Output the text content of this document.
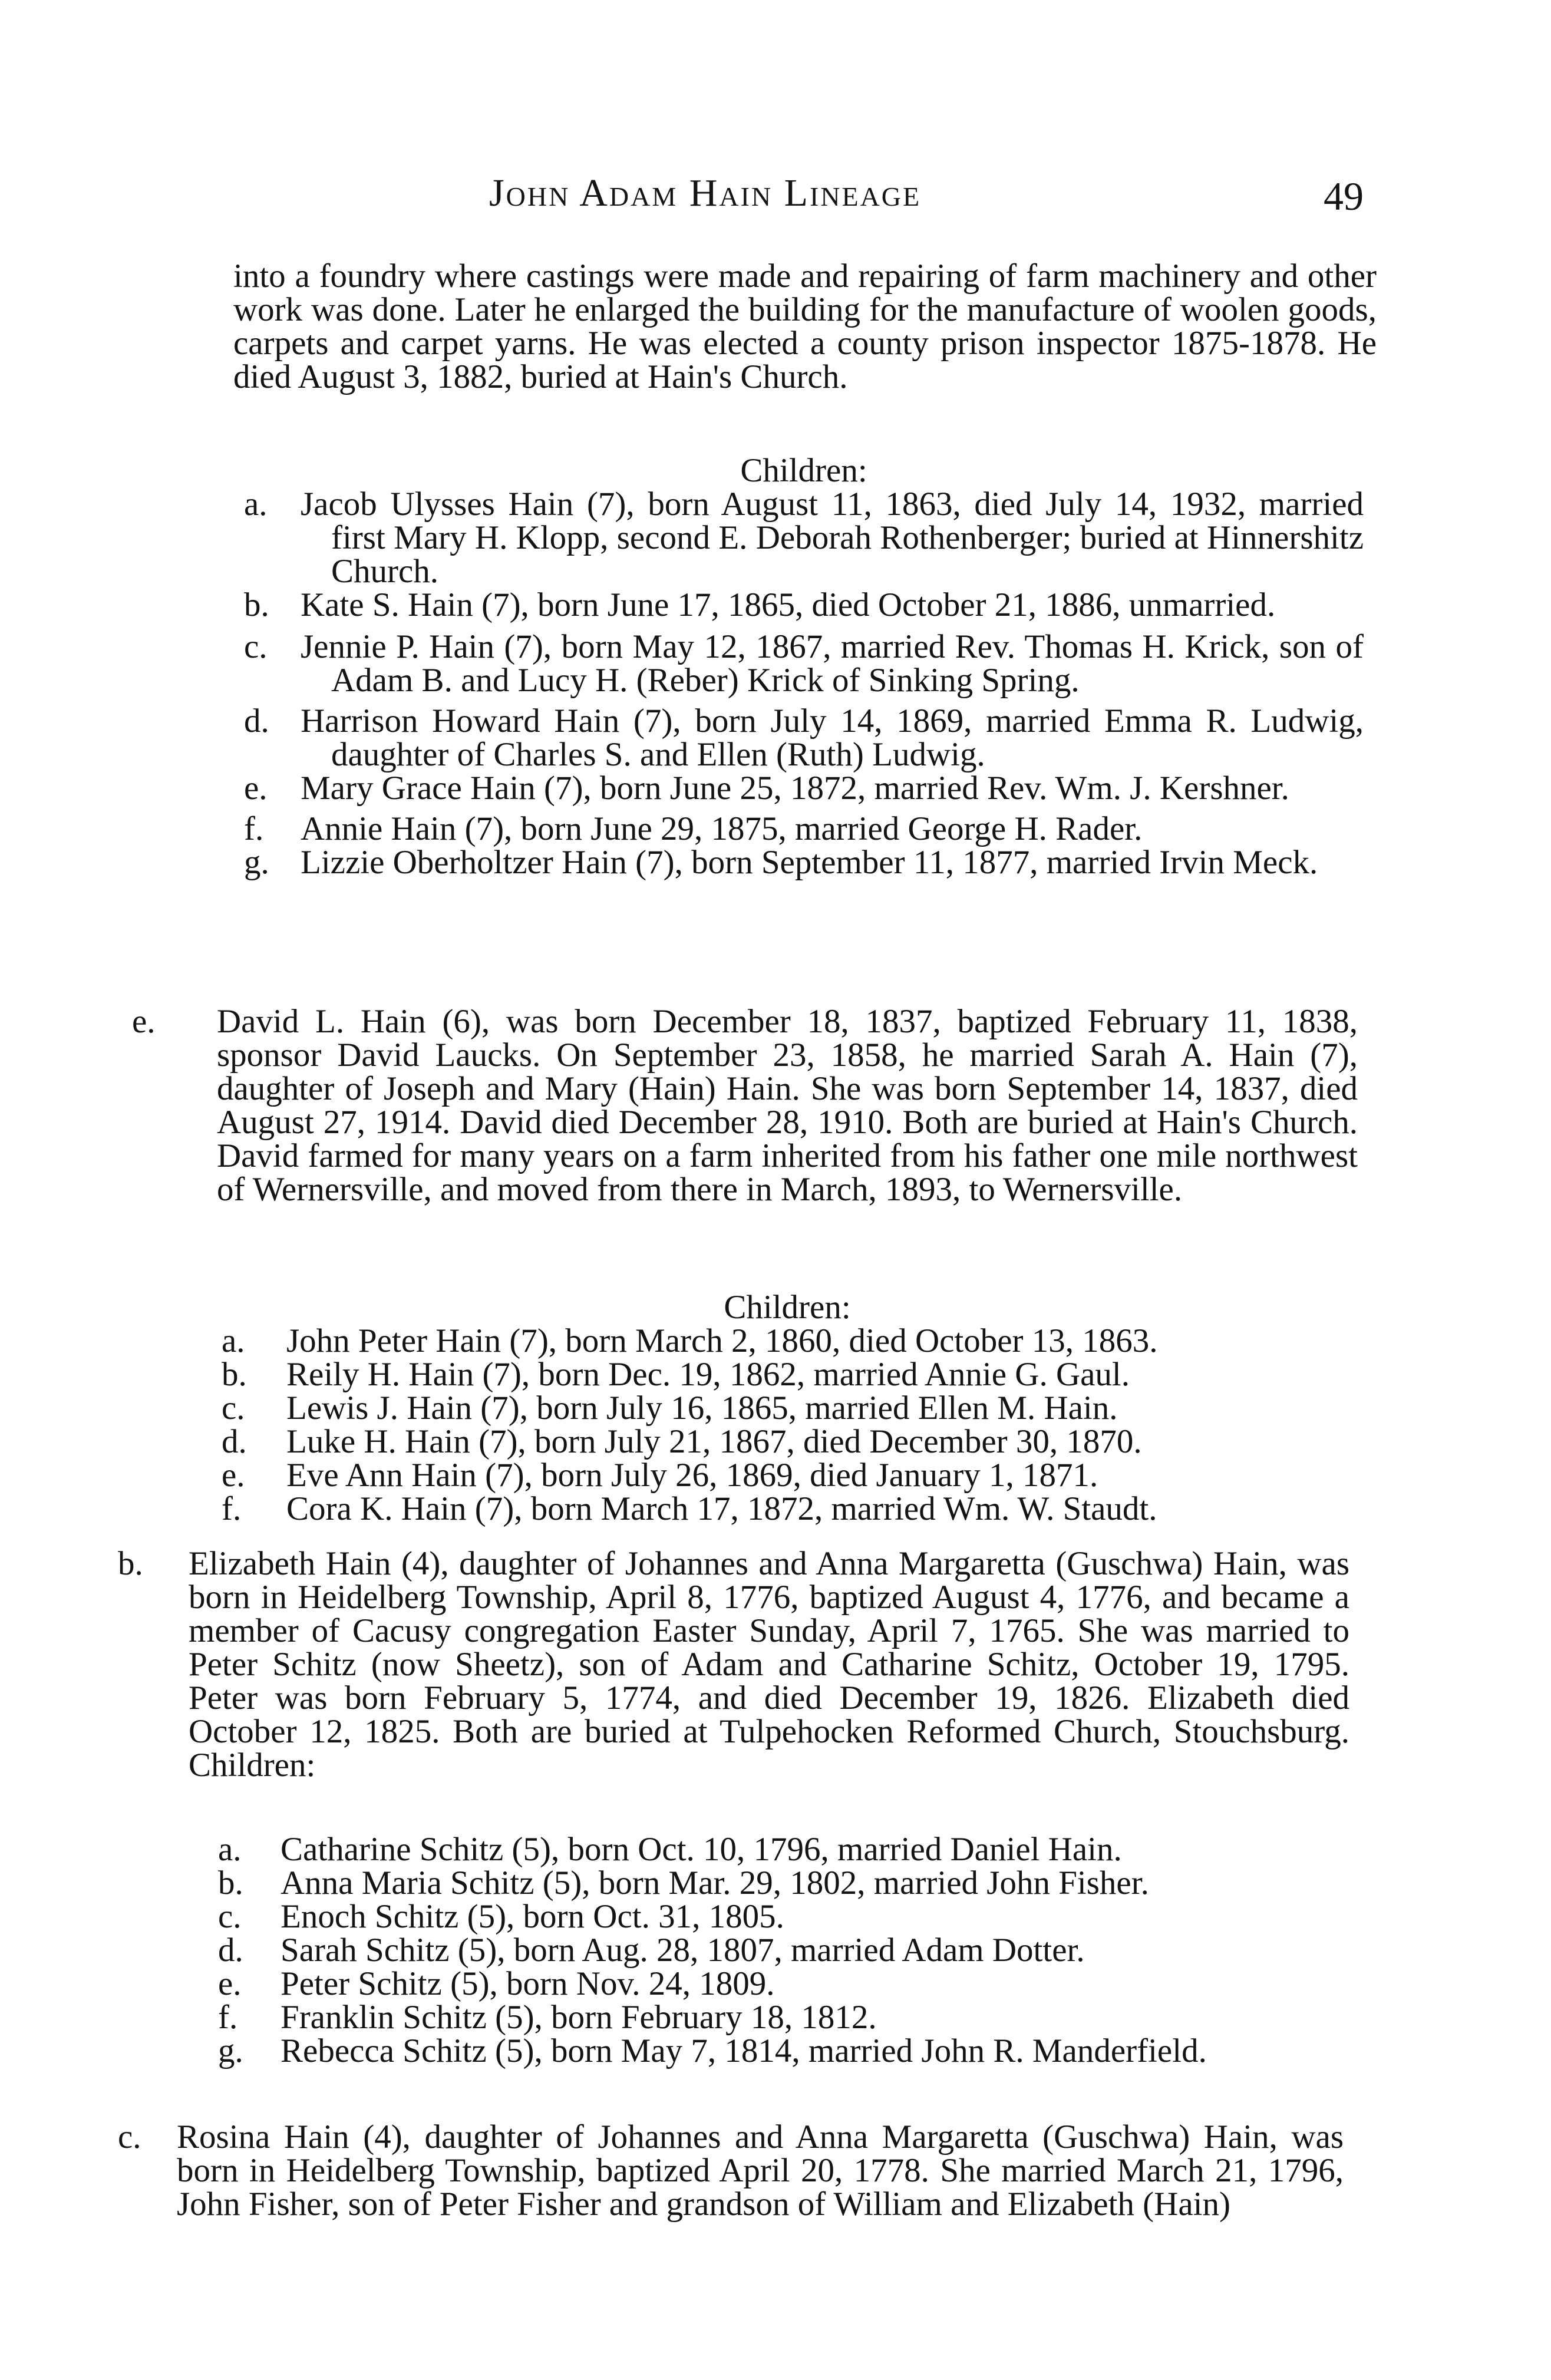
John Adam Hain Lineage	49

into a foundry where castings were made and repairing of farm machinery and other work was done. Later he enlarged the building for the manufacture of woolen goods, carpets and carpet yarns. He was elected a county prison inspector 1875-1878. He died August 3, 1882, buried at Hain's Church.

Children:
a. Jacob Ulysses Hain (7), born August 11, 1863, died July 14, 1932, married first Mary H. Klopp, second E. Deborah Rothenberger; buried at Hinnershitz Church.
b. Kate S. Hain (7), born June 17, 1865, died October 21, 1886, unmarried.
c. Jennie P. Hain (7), born May 12, 1867, married Rev. Thomas H. Krick, son of Adam B. and Lucy H. (Reber) Krick of Sinking Spring.
d. Harrison Howard Hain (7), born July 14, 1869, married Emma R. Ludwig, daughter of Charles S. and Ellen (Ruth) Ludwig.
e. Mary Grace Hain (7), born June 25, 1872, married Rev. Wm. J. Kershner.
f.	Annie Hain (7), born June 29, 1875, married George H. Rader.
g. Lizzie Oberholtzer Hain (7), born September 11, 1877, married Irvin Meck.
e.	David L. Hain (6), was born December 18, 1837, baptized February 11, 1838, sponsor David Laucks. On September 23, 1858, he married Sarah A. Hain (7), daughter of Joseph and Mary (Hain) Hain. She was born September 14, 1837, died August 27, 1914. David died December 28, 1910. Both are buried at Hain's Church. David farmed for many years on a farm inherited from his father one mile northwest of Wernersville, and moved from there in March, 1893, to Wernersville.
Children:
a.	John Peter Hain (7), born March 2, 1860, died October 13, 1863.
b.	Reily H. Hain (7), born Dec. 19, 1862, married Annie G. Gaul.
c.	Lewis J. Hain (7), born July 16, 1865, married Ellen M. Hain.
d.	Luke H. Hain (7), born July 21, 1867, died December 30, 1870.
e.	Eve Ann Hain (7), born July 26, 1869, died January 1, 1871.
f.	Cora K. Hain (7), born March 17, 1872, married Wm. W. Staudt.
b.	Elizabeth Hain (4), daughter of Johannes and Anna Margaretta (Guschwa) Hain, was born in Heidelberg Township, April 8, 1776, baptized August 4, 1776, and became a member of Cacusy congregation Easter Sunday, April 7, 1765. She was married to Peter Schitz (now Sheetz), son of Adam and Catharine Schitz, October 19, 1795. Peter was born February 5, 1774, and died December 19, 1826. Elizabeth died October 12, 1825. Both are buried at Tulpehocken Reformed Church, Stouchsburg. Children:
a.	Catharine Schitz (5), born Oct. 10, 1796, married Daniel Hain.
b.	Anna Maria Schitz (5), born Mar. 29, 1802, married John Fisher.
c.	Enoch Schitz (5), born Oct. 31, 1805.
d.	Sarah Schitz (5), born Aug. 28, 1807, married Adam Dotter.
e.	Peter Schitz (5), born Nov. 24, 1809.
f.	Franklin Schitz (5), born February 18, 1812.
g.	Rebecca Schitz (5), born May 7, 1814, married John R. Manderfield.
c.	Rosina Hain (4), daughter of Johannes and Anna Margaretta (Guschwa) Hain, was born in Heidelberg Township, baptized April 20, 1778. She married March 21, 1796, John Fisher, son of Peter Fisher and grandson of William and Elizabeth (Hain)
